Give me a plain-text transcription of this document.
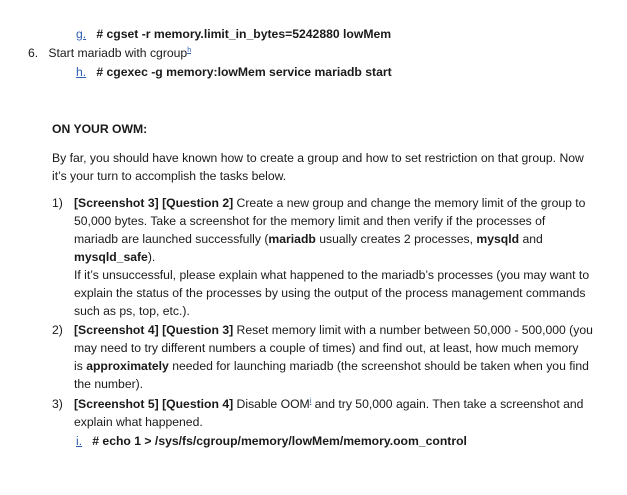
g. # cgset -r memory.limit_in_bytes=5242880 lowMem
6. Start mariadb with cgroup$^h$
h. # cgexec -g memory:lowMem service mariadb start
ON YOUR OWM:
By far, you should have known how to create a group and how to set restriction on that group. Now
it’s your turn to accomplish the tasks below.
1) [Screenshot 3] [Question 2] Create a new group and change the memory limit of the group to
50,000 bytes. Take a screenshot for the memory limit and then verify if the processes of
mariadb are launched successfully (mariadb usually creates 2 processes, mysqld and
mysqld_safe).
If it’s unsuccessful, please explain what happened to the mariadb’s processes (you may want to
explain the status of the processes by using the output of the process management commands
such as ps, top, etc.).
2) [Screenshot 4] [Question 3] Reset memory limit with a number between 50,000 - 500,000 (you
may need to try different numbers a couple of times) and find out, at least, how much memory
is approximately needed for launching mariadb (the screenshot should be taken when you find
the number).
3) [Screenshot 5] [Question 4] Disable OOM$^i$ and try 50,000 again. Then take a screenshot and
explain what happened.
i. # echo 1 > /sys/fs/cgroup/memory/lowMem/memory.oom_control
